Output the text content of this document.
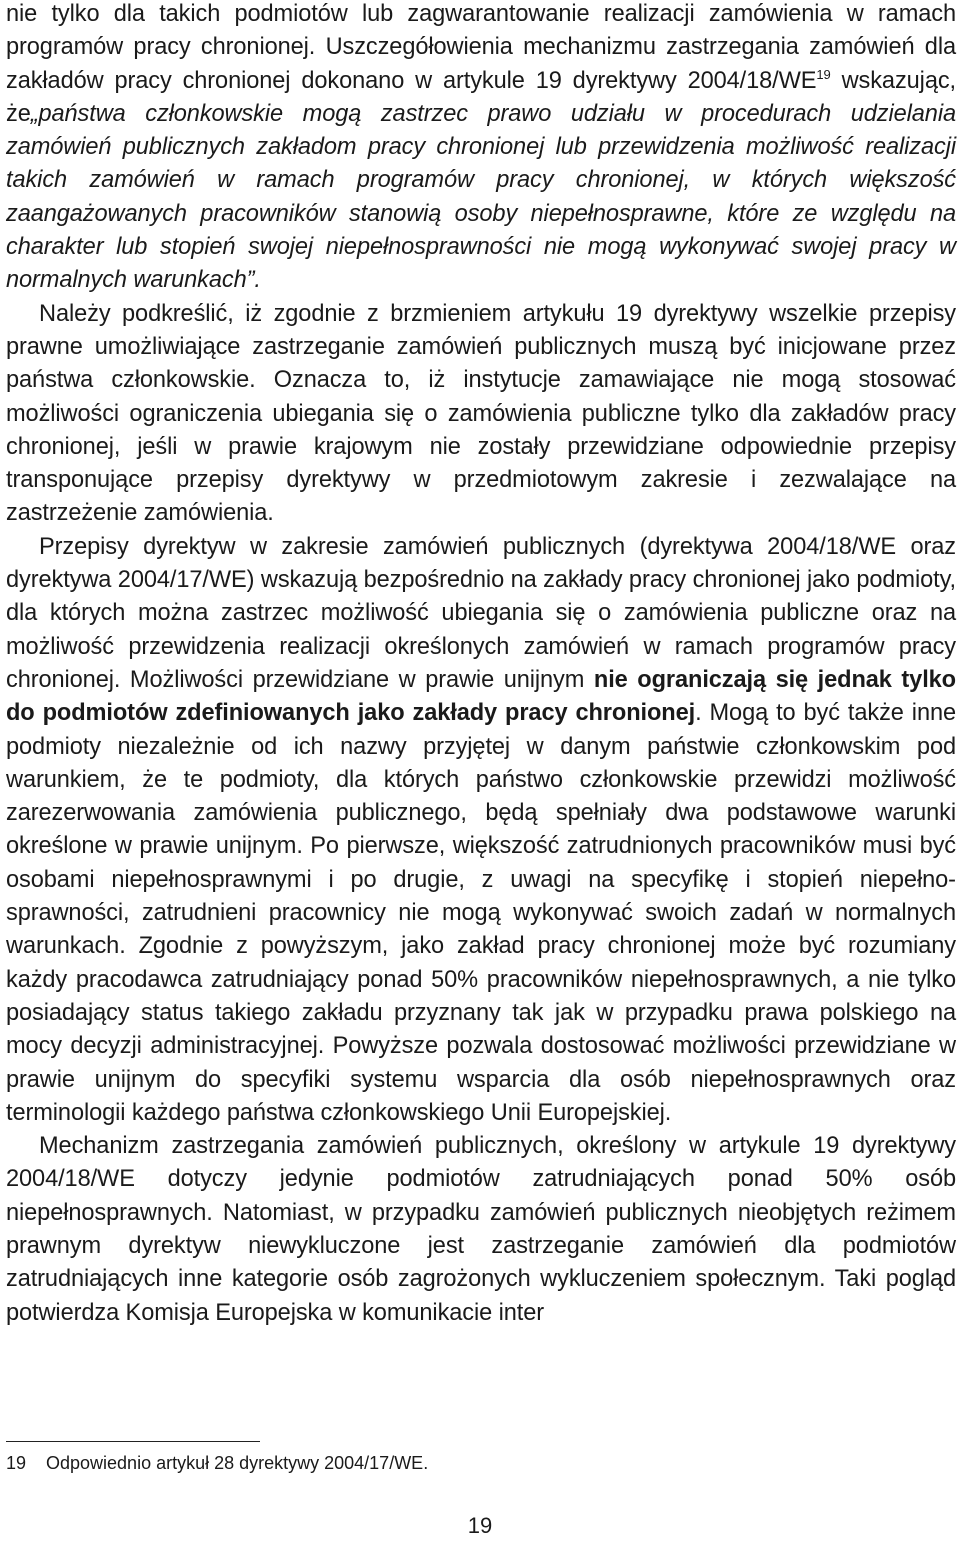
nie tylko dla takich podmiotów lub zagwarantowanie realizacji zamówienia w ramach programów pracy chronionej. Uszczegółowienia mechanizmu zastrzegania zamówień dla zakładów pracy chronionej dokonano w artykule 19 dyrektywy 2004/18/WE$^{19}$ wskazując, że„państwa członkowskie mogą zastrzec prawo udziału w procedurach udzielania zamówień publicznych zakładom pracy chronionej lub przewidzenia możliwość realizacji takich zamówień w ramach programów pracy chronionej, w których większość zaangażowanych pracowników stanowią osoby niepełnosprawne, które ze względu na charakter lub stopień swojej niepełnosprawności nie mogą wykonywać swojej pracy w normalnych warunkach”.

Należy podkreślić, iż zgodnie z brzmieniem artykułu 19 dyrektywy wszelkie przepisy prawne umożliwiające zastrzeganie zamówień publicznych muszą być inicjowane przez państwa członkowskie. Oznacza to, iż instytucje zamawiające nie mogą stosować możliwości ograniczenia ubiegania się o zamówienia publiczne tylko dla zakładów pracy chronionej, jeśli w prawie krajowym nie zostały przewidziane odpowiednie przepisy transponujące przepisy dyrektywy w przedmiotowym zakresie i zezwalające na zastrzeżenie zamówienia.

Przepisy dyrektyw w zakresie zamówień publicznych (dyrektywa 2004/18/WE oraz dyrektywa 2004/17/WE) wskazują bezpośrednio na zakłady pracy chronionej jako podmioty, dla których można zastrzec możliwość ubiegania się o zamówienia publiczne oraz na możliwość przewidzenia realizacji określonych zamówień w ramach programów pracy chronionej. Możliwości przewidziane w prawie unijnym nie ograniczają się jednak tylko do podmiotów zdefiniowanych jako zakłady pracy chronionej. Mogą to być także inne podmioty niezależnie od ich nazwy przyjętej w danym państwie członkowskim pod warunkiem, że te podmioty, dla których państwo członkowskie przewidzi możliwość zarezerwowania zamówienia publicznego, będą spełniały dwa podstawowe warunki określone w prawie unijnym. Po pierwsze, większość zatrudnionych pracowników musi być osobami niepełnosprawnymi i po drugie, z uwagi na specyfikę i stopień niepełnosprawności, zatrudnieni pracownicy nie mogą wykonywać swoich zadań w normalnych warunkach. Zgodnie z powyższym, jako zakład pracy chronionej może być rozumiany każdy pracodawca zatrudniający ponad 50% pracowników niepełnosprawnych, a nie tylko posiadający status takiego zakładu przyznany tak jak w przypadku prawa polskiego na mocy decyzji administracyjnej. Powyższe pozwala dostosować możliwości przewidziane w prawie unijnym do specyfiki systemu wsparcia dla osób niepełnosprawnych oraz terminologii każdego państwa członkowskiego Unii Europejskiej.

Mechanizm zastrzegania zamówień publicznych, określony w artykule 19 dyrektywy 2004/18/WE dotyczy jedynie podmiotów zatrudniających ponad 50% osób niepełnosprawnych. Natomiast, w przypadku zamówień publicznych nieobjętych reżimem prawnym dyrektyw niewykluczone jest zastrzeganie zamówień dla podmiotów zatrudniających inne kategorie osób zagrożonych wykluczeniem społecznym. Taki pogląd potwierdza Komisja Europejska w komunikacie inter

19 Odpowiednio artykuł 28 dyrektywy 2004/17/WE.
19
